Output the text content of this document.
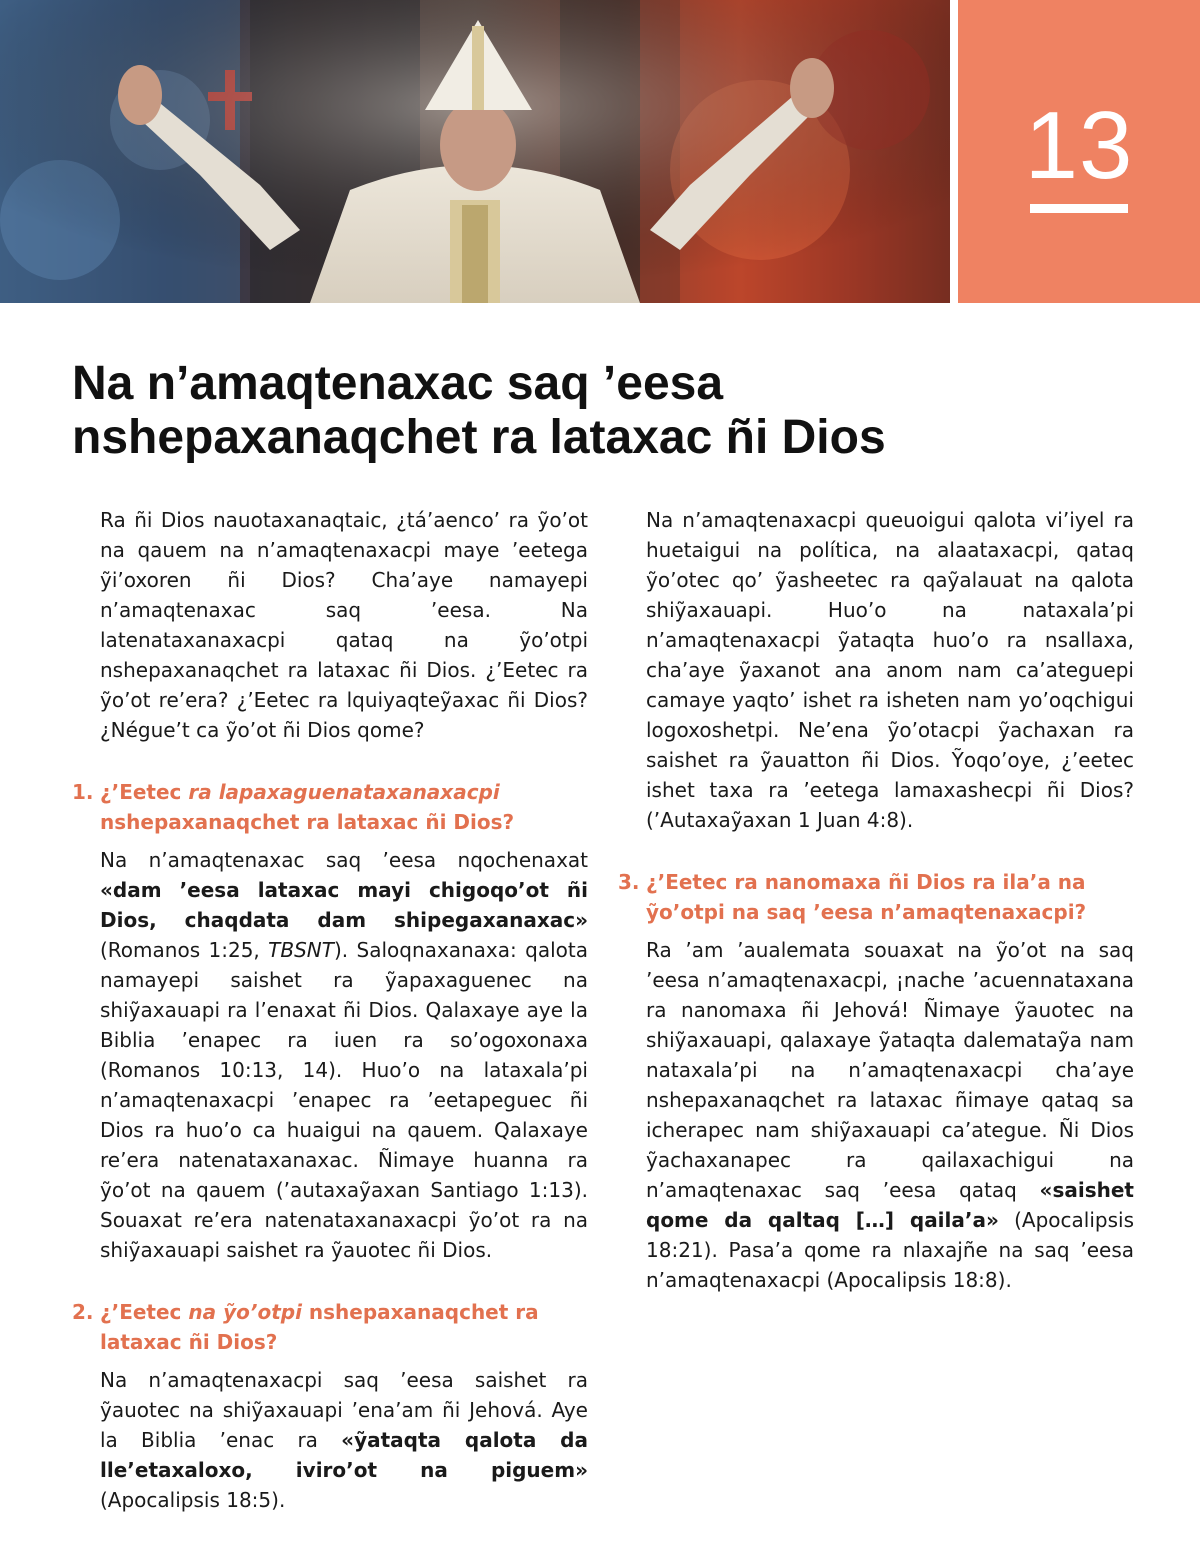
13
Na n’amaqtenaxac saq ’eesa nshepaxanaqchet ra lataxac ñi Dios

Ra ñi Dios nauotaxanaqtaic, ¿tá’aenco’ ra ỹo’ot na qauem na n’amaqtenaxacpi maye ’eetega ỹi’oxoren ñi Dios? Cha’aye namayepi n’amaqtenaxac saq ’eesa. Na latenataxanaxacpi qataq na ỹo’otpi nshepaxanaqchet ra lataxac ñi Dios. ¿’Eetec ra ỹo’ot re’era? ¿’Eetec ra lquiyaqteỹaxac ñi Dios? ¿Négue’t ca ỹo’ot ñi Dios qome?

1. ¿’Eetec ra lapaxaguenataxanaxacpi nshepaxanaqchet ra lataxac ñi Dios?

Na n’amaqtenaxac saq ’eesa nqochenaxat «dam ’eesa lataxac mayi chigoqo’ot ñi Dios, chaqdata dam shipegaxanaxac» (Romanos 1:25, TBSNT). Saloqnaxanaxa: qalota namayepi saishet ra ỹapaxaguenec na shiỹaxauapi ra l’enaxat ñi Dios. Qalaxaye aye la Biblia ’enapec ra iuen ra so’ogoxonaxa (Romanos 10:13, 14). Huo’o na lataxala’pi n’amaqtenaxacpi ’enapec ra ’eetapeguec ñi Dios ra huo’o ca huaigui na qauem. Qalaxaye re’era natenataxanaxac. Ñimaye huanna ra ỹo’ot na qauem (’autaxaỹaxan Santiago 1:13). Souaxat re’era natenataxanaxacpi ỹo’ot ra na shiỹaxauapi saishet ra ỹauotec ñi Dios.

2. ¿’Eetec na ỹo’otpi nshepaxanaqchet ra lataxac ñi Dios?

Na n’amaqtenaxacpi saq ’eesa saishet ra ỹauotec na shiỹaxauapi ’ena’am ñi Jehová. Aye la Biblia ’enac ra «ỹataqta qalota da lle’etaxaloxo, iviro’ot na piguem» (Apocalipsis 18:5).

Na n’amaqtenaxacpi queuoigui qalota vi’iyel ra huetaigui na política, na alaataxacpi, qataq ỹo’otec qo’ ỹasheetec ra qaỹalauat na qalota shiỹaxauapi. Huo’o na nataxala’pi n’amaqtenaxacpi ỹataqta huo’o ra nsallaxa, cha’aye ỹaxanot ana anom nam ca’ateguepi camaye yaqto’ ishet ra isheten nam yo’oqchigui logoxoshetpi. Ne’ena ỹo’otacpi ỹachaxan ra saishet ra ỹauatton ñi Dios. Ỹoqo’oye, ¿’eetec ishet taxa ra ’eetega lamaxashecpi ñi Dios? (’Autaxaỹaxan 1 Juan 4:8).

3. ¿’Eetec ra nanomaxa ñi Dios ra ila’a na ỹo’otpi na saq ’eesa n’amaqtenaxacpi?

Ra ’am ’aualemata souaxat na ỹo’ot na saq ’eesa n’amaqtenaxacpi, ¡nache ’acuennataxana ra nanomaxa ñi Jehová! Ñimaye ỹauotec na shiỹaxauapi, qalaxaye ỹataqta dalemataỹa nam nataxala’pi na n’amaqtenaxacpi cha’aye nshepaxanaqchet ra lataxac ñimaye qataq sa icherapec nam shiỹaxauapi ca’ategue. Ñi Dios ỹachaxanapec ra qailaxachigui na n’amaqtenaxac saq ’eesa qataq «saishet qome da qaltaq […] qaila’a» (Apocalipsis 18:21). Pasa’a qome ra nlaxajñe na saq ’eesa n’amaqtenaxacpi (Apocalipsis 18:8).
